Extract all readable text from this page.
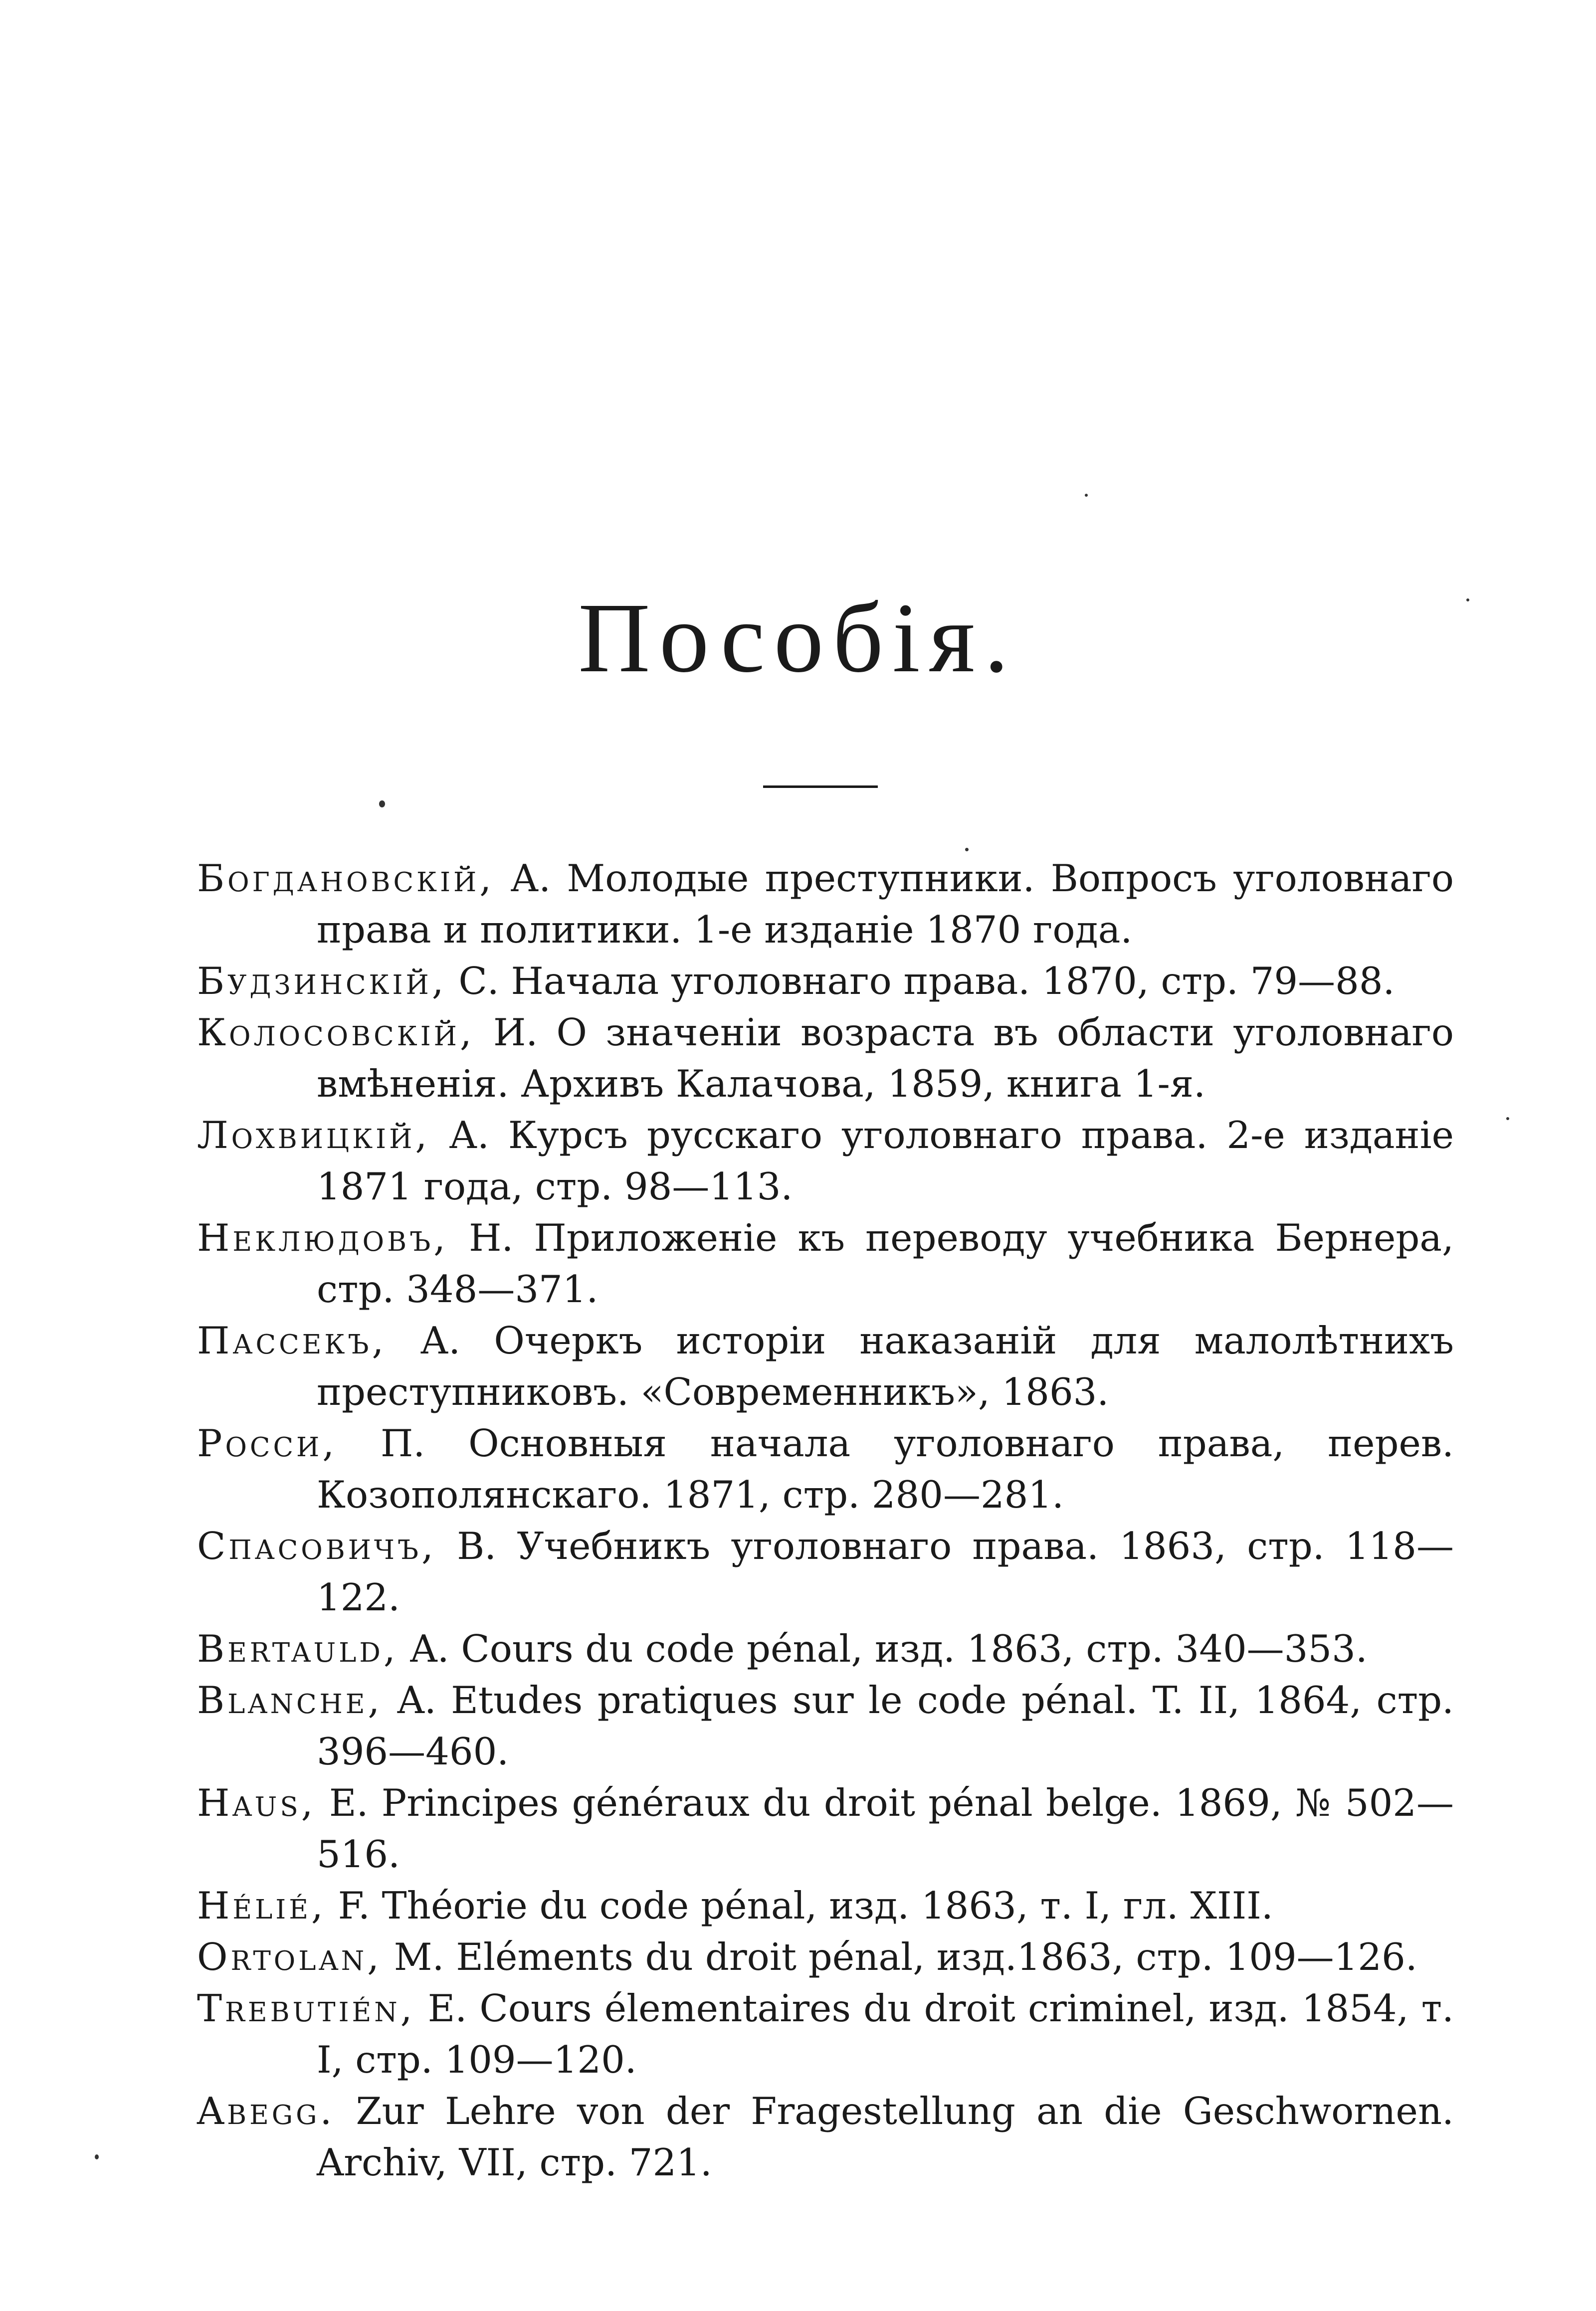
Пособія.
Богдановскій, А. Молодые преступники. Вопросъ уголовнаго права и политики. 1-е изданіе 1870 года.
Будзинскій, С. Начала уголовнаго права. 1870, стр. 79—88.
Колосовскій, И. О значеніи возраста въ области уголовнаго вмѣненія. Архивъ Калачова, 1859, книга 1-я.
Лохвицкій, А. Курсъ русскаго уголовнаго права. 2-е изданіе 1871 года, стр. 98—113.
Неклюдовъ, Н. Приложеніе къ переводу учебника Бернера, стр. 348—371.
Пассекъ, А. Очеркъ исторіи наказаній для малолѣтнихъ преступниковъ. «Современникъ», 1863.
Росси, П. Основныя начала уголовнаго права, перев. Козополянскаго. 1871, стр. 280—281.
Спасовичъ, В. Учебникъ уголовнаго права. 1863, стр. 118—122.
Bertauld, A. Cours du code pénal, изд. 1863, стр. 340—353.
Blanche, A. Etudes pratiques sur le code pénal. T. II, 1864, стр. 396—460.
Haus, E. Principes généraux du droit pénal belge. 1869, № 502—516.
Hélié, F. Théorie du code pénal, изд. 1863, т. I, гл. XIII.
Ortolan, M. Eléments du droit pénal, изд.1863, стр. 109—126.
Trebutién, E. Cours élementaires du droit criminel, изд. 1854, т. I, стр. 109—120.
Abegg. Zur Lehre von der Fragestellung an die Geschwornen. Archiv, VII, стр. 721.
